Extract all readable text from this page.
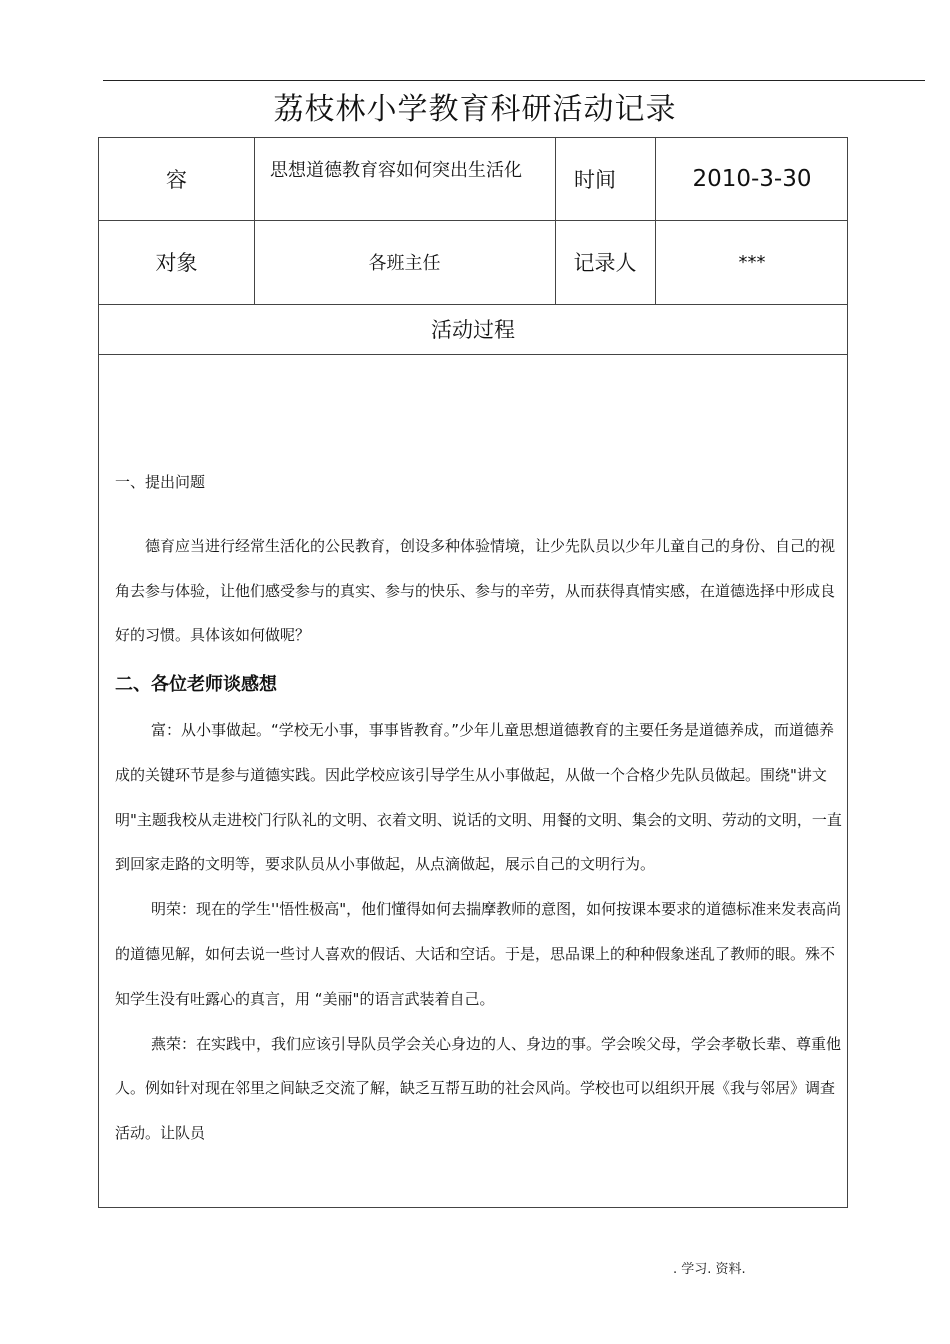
荔枝林小学教育科研活动记录
容	思想道德教育容如何突出生活化	时间	2010-3-30
对象	各班主任	记录人	***
活动过程
一、提出问题
德育应当进行经常生活化的公民教育，创设多种体验情境，让少先队员以少年儿童自己的身份、自己的视角去参与体验，让他们感受参与的真实、参与的快乐、参与的辛劳，从而获得真情实感，在道德选择中形成良好的习惯。具体该如何做呢？
二、各位老师谈感想

富：从小事做起。“学校无小事，事事皆教育。”少年儿童思想道德教育的主要任务是道德养成，而道德养成的关键环节是参与道德实践。因此学校应该引导学生从小事做起，从做一个合格少先队员做起。围绕"讲文明"主题我校从走进校门行队礼的文明、衣着文明、说话的文明、用餐的文明、集会的文明、劳动的文明，一直到回家走路的文明等，要求队员从小事做起，从点滴做起，展示自己的文明行为。

明荣：现在的学生''悟性极高"，他们懂得如何去揣摩教师的意图，如何按课本要求的道德标准来发表高尚的道德见解，如何去说一些讨人喜欢的假话、大话和空话。于是，思品课上的种种假象迷乱了教师的眼。殊不知学生没有吐露心的真言，用 “美丽"的语言武装着自己。

燕荣：在实践中，我们应该引导队员学会关心身边的人、身边的事。学会唉父母，学会孝敬长辈、尊重他人。例如针对现在邻里之间缺乏交流了解，缺乏互帮互助的社会风尚。学校也可以组织开展《我与邻居》调查活动。让队员

. 学习. 资料.
